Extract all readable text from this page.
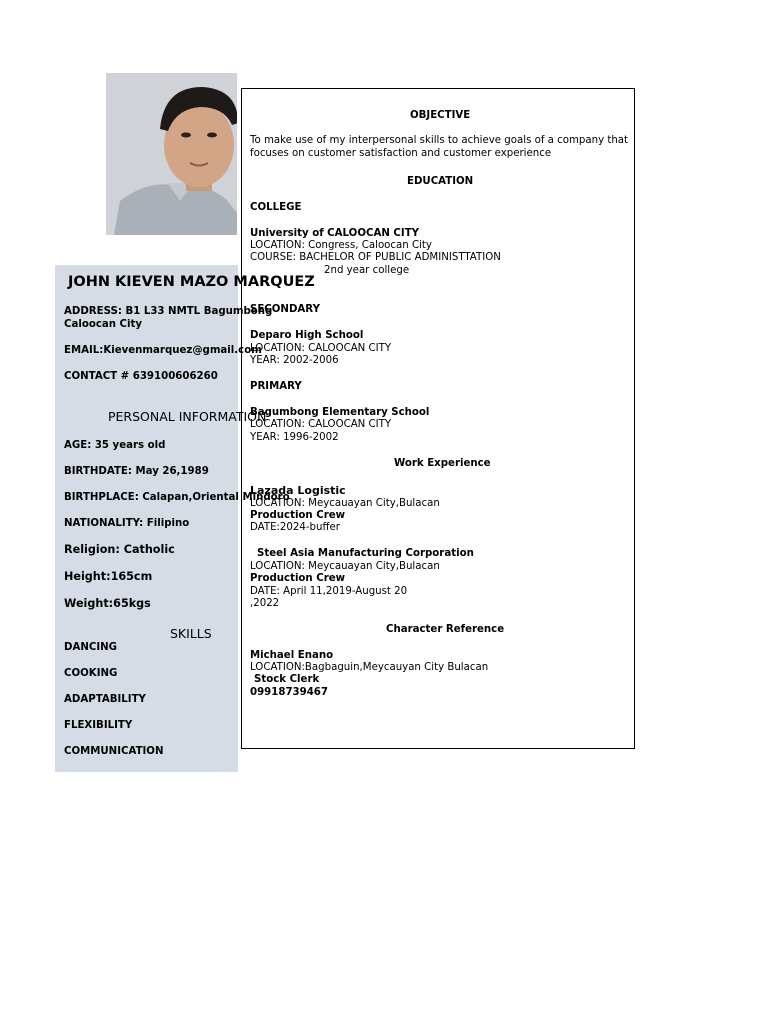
JOHN KIEVEN MAZO MARQUEZ
ADDRESS: B1 L33 NMTL Bagumbong
Caloocan City
EMAIL:Kievenmarquez@gmail.com
CONTACT # 639100606260
PERSONAL INFORMATION
AGE: 35 years old
BIRTHDATE: May 26,1989
BIRTHPLACE: Calapan,Oriental Mindoro
NATIONALITY: Filipino
Religion: Catholic
Height:165cm
Weight:65kgs
SKILLS
DANCING
COOKING
ADAPTABILITY
FLEXIBILITY
COMMUNICATION
OBJECTIVE
To make use of my interpersonal skills to achieve goals of a company that
focuses on customer satisfaction and customer experience
EDUCATION
COLLEGE
University of CALOOCAN CITY
LOCATION: Congress, Caloocan City
COURSE: BACHELOR OF PUBLIC ADMINISTTATION
2nd year college
SECONDARY
Deparo High School
LOCATION: CALOOCAN CITY
YEAR: 2002-2006
PRIMARY
Bagumbong Elementary School
LOCATION: CALOOCAN CITY
YEAR: 1996-2002
Work Experience
Lazada Logistic
LOCATION: Meycauayan City,Bulacan
Production Crew
DATE:2024-buffer
Steel Asia Manufacturing Corporation
LOCATION: Meycauayan City,Bulacan
Production Crew
DATE: April 11,2019-August 20
,2022
Character Reference
Michael Enano
LOCATION:Bagbaguin,Meycauyan City Bulacan
Stock Clerk
09918739467
